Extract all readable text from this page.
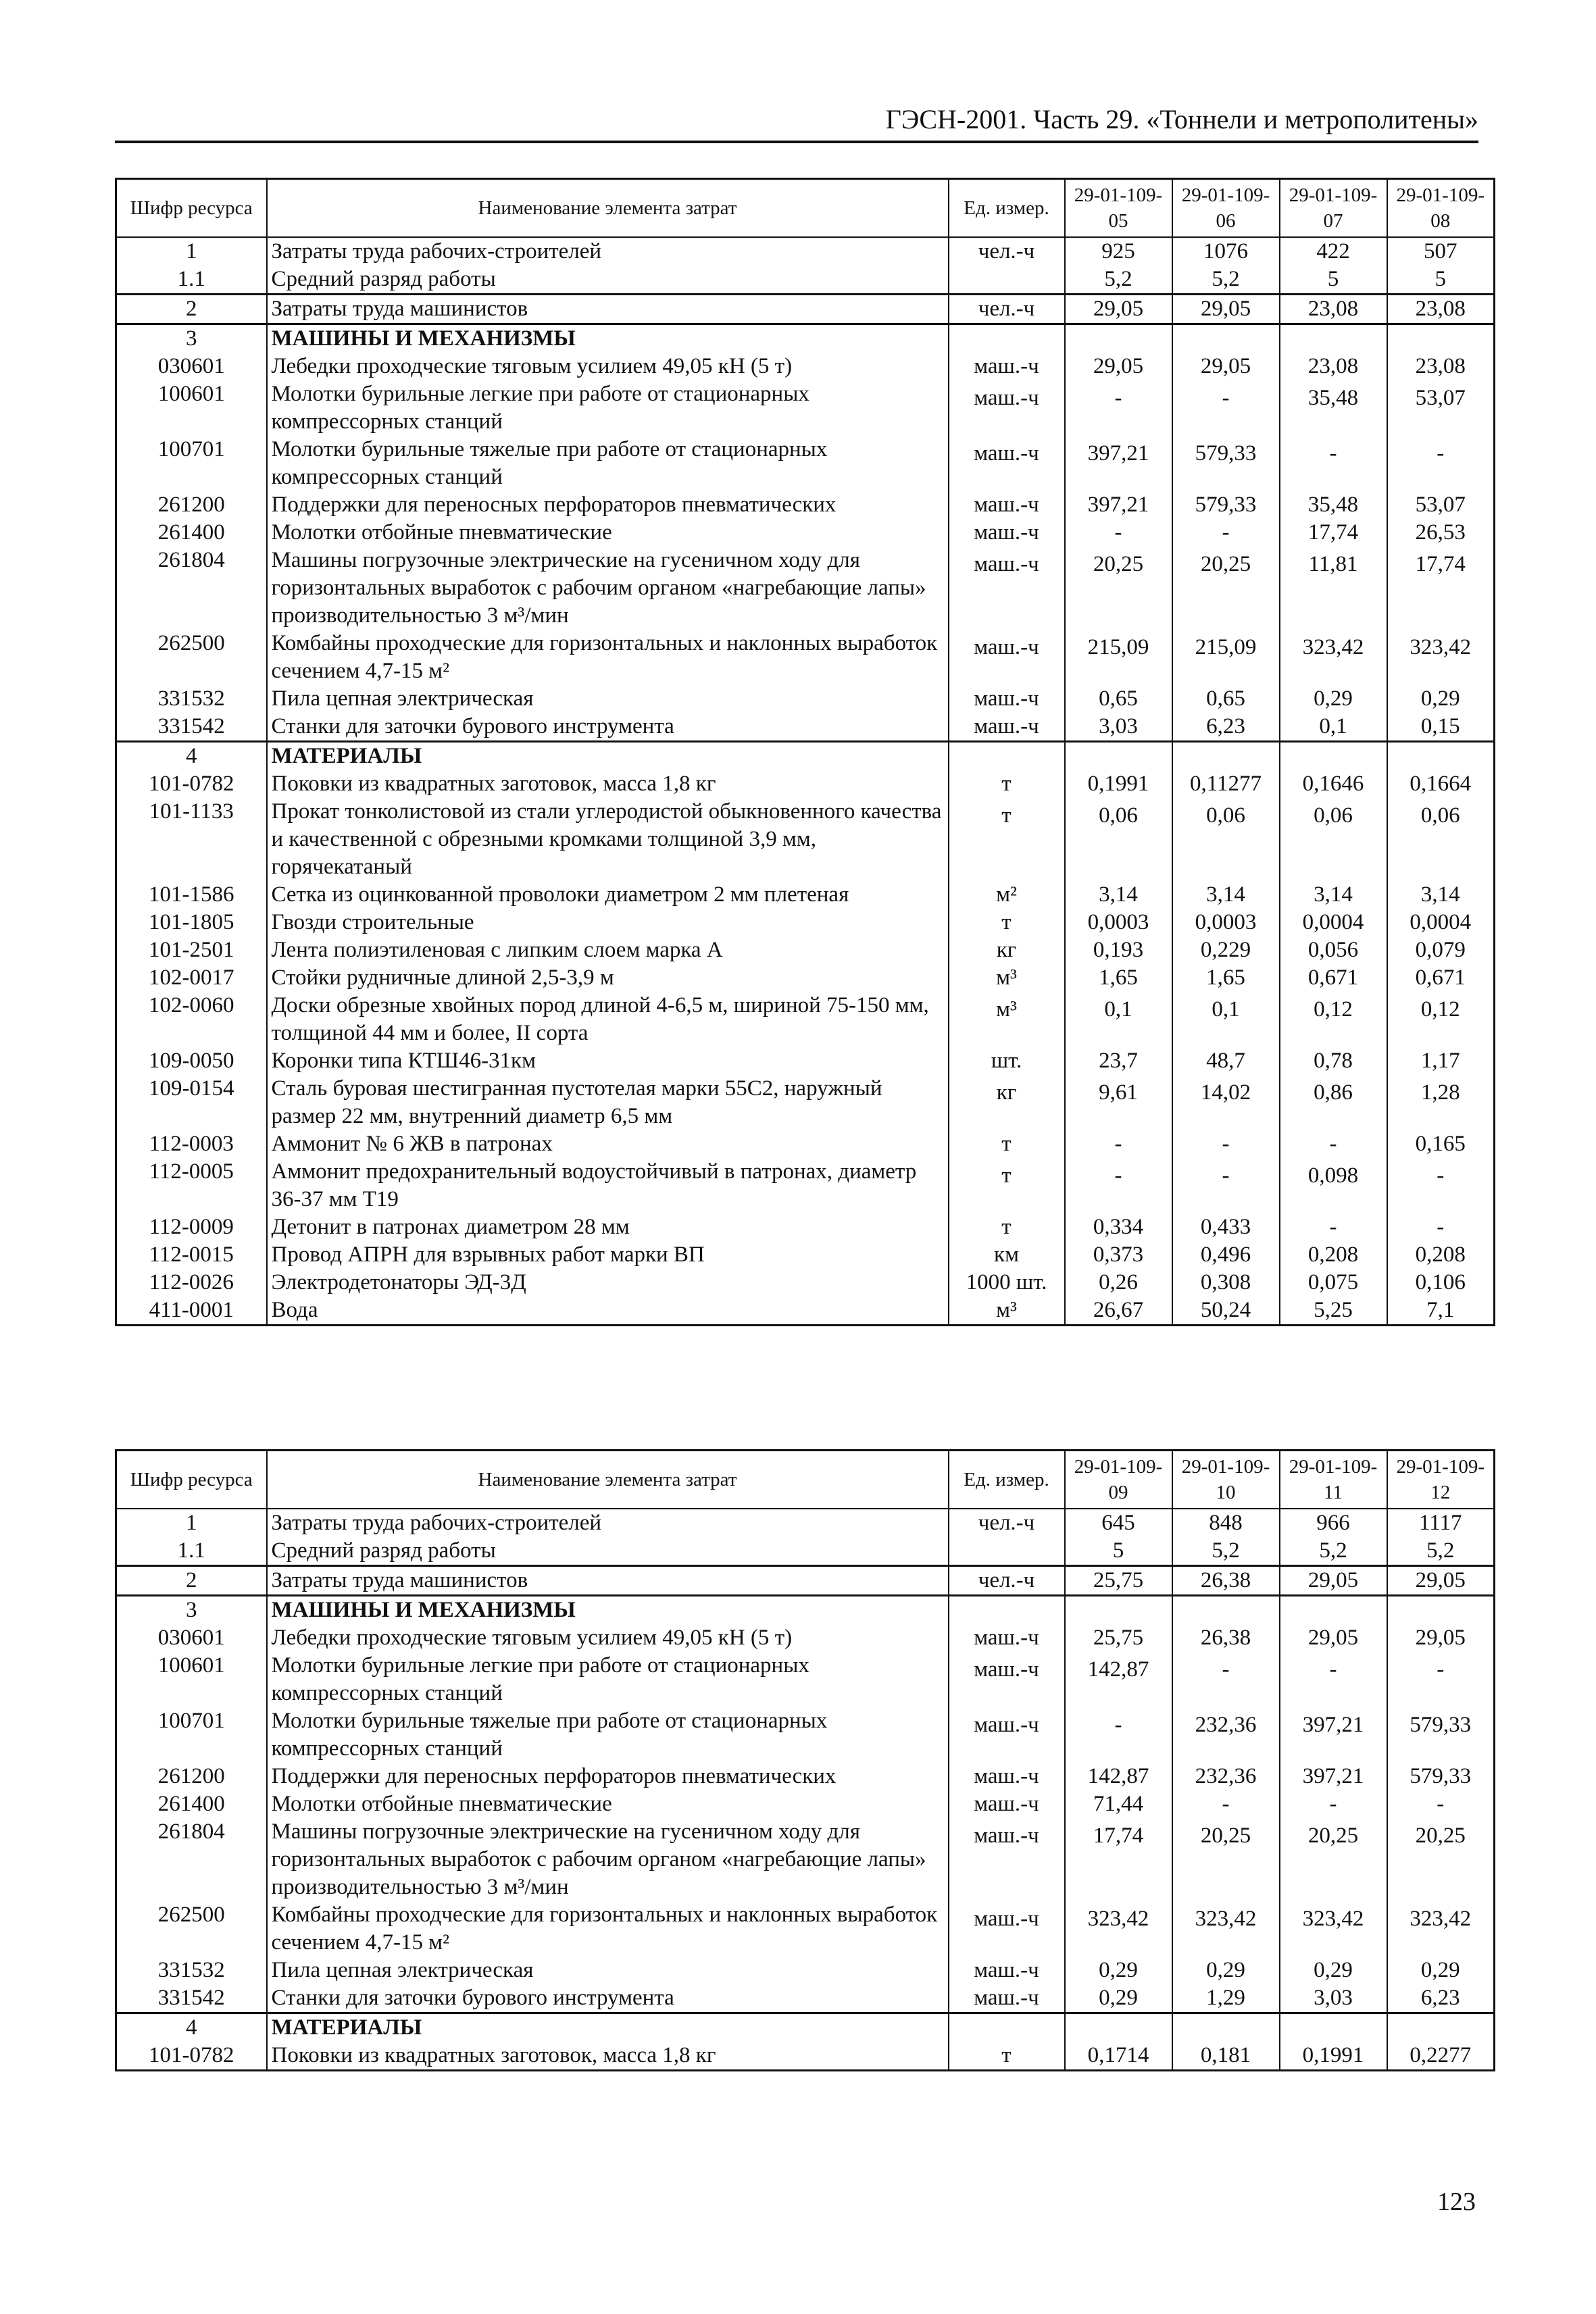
ГЭСН-2001. Часть 29. «Тоннели и метрополитены»
Шифр ресурса	Наименование элемента затрат	Ед. измер.	29-01-109-05	29-01-109-06	29-01-109-07	29-01-109-08
1	Затраты труда рабочих-строителей	чел.-ч	925	1076	422	507
1.1	Средний разряд работы		5,2	5,2	5	5
2	Затраты труда машинистов	чел.-ч	29,05	29,05	23,08	23,08
3	МАШИНЫ И МЕХАНИЗМЫ					
030601	Лебедки проходческие тяговым усилием 49,05 кН (5 т)	маш.-ч	29,05	29,05	23,08	23,08
100601	Молотки бурильные легкие при работе от стационарных компрессорных станций	маш.-ч	-	-	35,48	53,07
100701	Молотки бурильные тяжелые при работе от стационарных компрессорных станций	маш.-ч	397,21	579,33	-	-
261200	Поддержки для переносных перфораторов пневматических	маш.-ч	397,21	579,33	35,48	53,07
261400	Молотки отбойные пневматические	маш.-ч	-	-	17,74	26,53
261804	Машины погрузочные электрические на гусеничном ходу для горизонтальных выработок с рабочим органом «нагребающие лапы» производительностью 3 м³/мин	маш.-ч	20,25	20,25	11,81	17,74
262500	Комбайны проходческие для горизонтальных и наклонных выработок сечением 4,7-15 м²	маш.-ч	215,09	215,09	323,42	323,42
331532	Пила цепная электрическая	маш.-ч	0,65	0,65	0,29	0,29
331542	Станки для заточки бурового инструмента	маш.-ч	3,03	6,23	0,1	0,15
4	МАТЕРИАЛЫ					
101-0782	Поковки из квадратных заготовок, масса 1,8 кг	т	0,1991	0,11277	0,1646	0,1664
101-1133	Прокат тонколистовой из стали углеродистой обыкновенного качества и качественной с обрезными кромками толщиной 3,9 мм, горячекатаный	т	0,06	0,06	0,06	0,06
101-1586	Сетка из оцинкованной проволоки диаметром 2 мм плетеная	м²	3,14	3,14	3,14	3,14
101-1805	Гвозди строительные	т	0,0003	0,0003	0,0004	0,0004
101-2501	Лента полиэтиленовая с липким слоем марка А	кг	0,193	0,229	0,056	0,079
102-0017	Стойки рудничные длиной 2,5-3,9 м	м³	1,65	1,65	0,671	0,671
102-0060	Доски обрезные хвойных пород длиной 4-6,5 м, шириной 75-150 мм, толщиной 44 мм и более, II сорта	м³	0,1	0,1	0,12	0,12
109-0050	Коронки типа КТШ46-31км	шт.	23,7	48,7	0,78	1,17
109-0154	Сталь буровая шестигранная пустотелая марки 55С2, наружный размер 22 мм, внутренний диаметр 6,5 мм	кг	9,61	14,02	0,86	1,28
112-0003	Аммонит № 6 ЖВ в патронах	т	-	-	-	0,165
112-0005	Аммонит предохранительный водоустойчивый в патронах, диаметр 36-37 мм Т19	т	-	-	0,098	-
112-0009	Детонит в патронах диаметром 28 мм	т	0,334	0,433	-	-
112-0015	Провод АПРН для взрывных работ марки ВП	км	0,373	0,496	0,208	0,208
112-0026	Электродетонаторы ЭД-3Д	1000 шт.	0,26	0,308	0,075	0,106
411-0001	Вода	м³	26,67	50,24	5,25	7,1
Шифр ресурса	Наименование элемента затрат	Ед. измер.	29-01-109-09	29-01-109-10	29-01-109-11	29-01-109-12
1	Затраты труда рабочих-строителей	чел.-ч	645	848	966	1117
1.1	Средний разряд работы		5	5,2	5,2	5,2
2	Затраты труда машинистов	чел.-ч	25,75	26,38	29,05	29,05
3	МАШИНЫ И МЕХАНИЗМЫ					
030601	Лебедки проходческие тяговым усилием 49,05 кН (5 т)	маш.-ч	25,75	26,38	29,05	29,05
100601	Молотки бурильные легкие при работе от стационарных компрессорных станций	маш.-ч	142,87	-	-	-
100701	Молотки бурильные тяжелые при работе от стационарных компрессорных станций	маш.-ч	-	232,36	397,21	579,33
261200	Поддержки для переносных перфораторов пневматических	маш.-ч	142,87	232,36	397,21	579,33
261400	Молотки отбойные пневматические	маш.-ч	71,44	-	-	-
261804	Машины погрузочные электрические на гусеничном ходу для горизонтальных выработок с рабочим органом «нагребающие лапы» производительностью 3 м³/мин	маш.-ч	17,74	20,25	20,25	20,25
262500	Комбайны проходческие для горизонтальных и наклонных выработок сечением 4,7-15 м²	маш.-ч	323,42	323,42	323,42	323,42
331532	Пила цепная электрическая	маш.-ч	0,29	0,29	0,29	0,29
331542	Станки для заточки бурового инструмента	маш.-ч	0,29	1,29	3,03	6,23
4	МАТЕРИАЛЫ					
101-0782	Поковки из квадратных заготовок, масса 1,8 кг	т	0,1714	0,181	0,1991	0,2277
123
